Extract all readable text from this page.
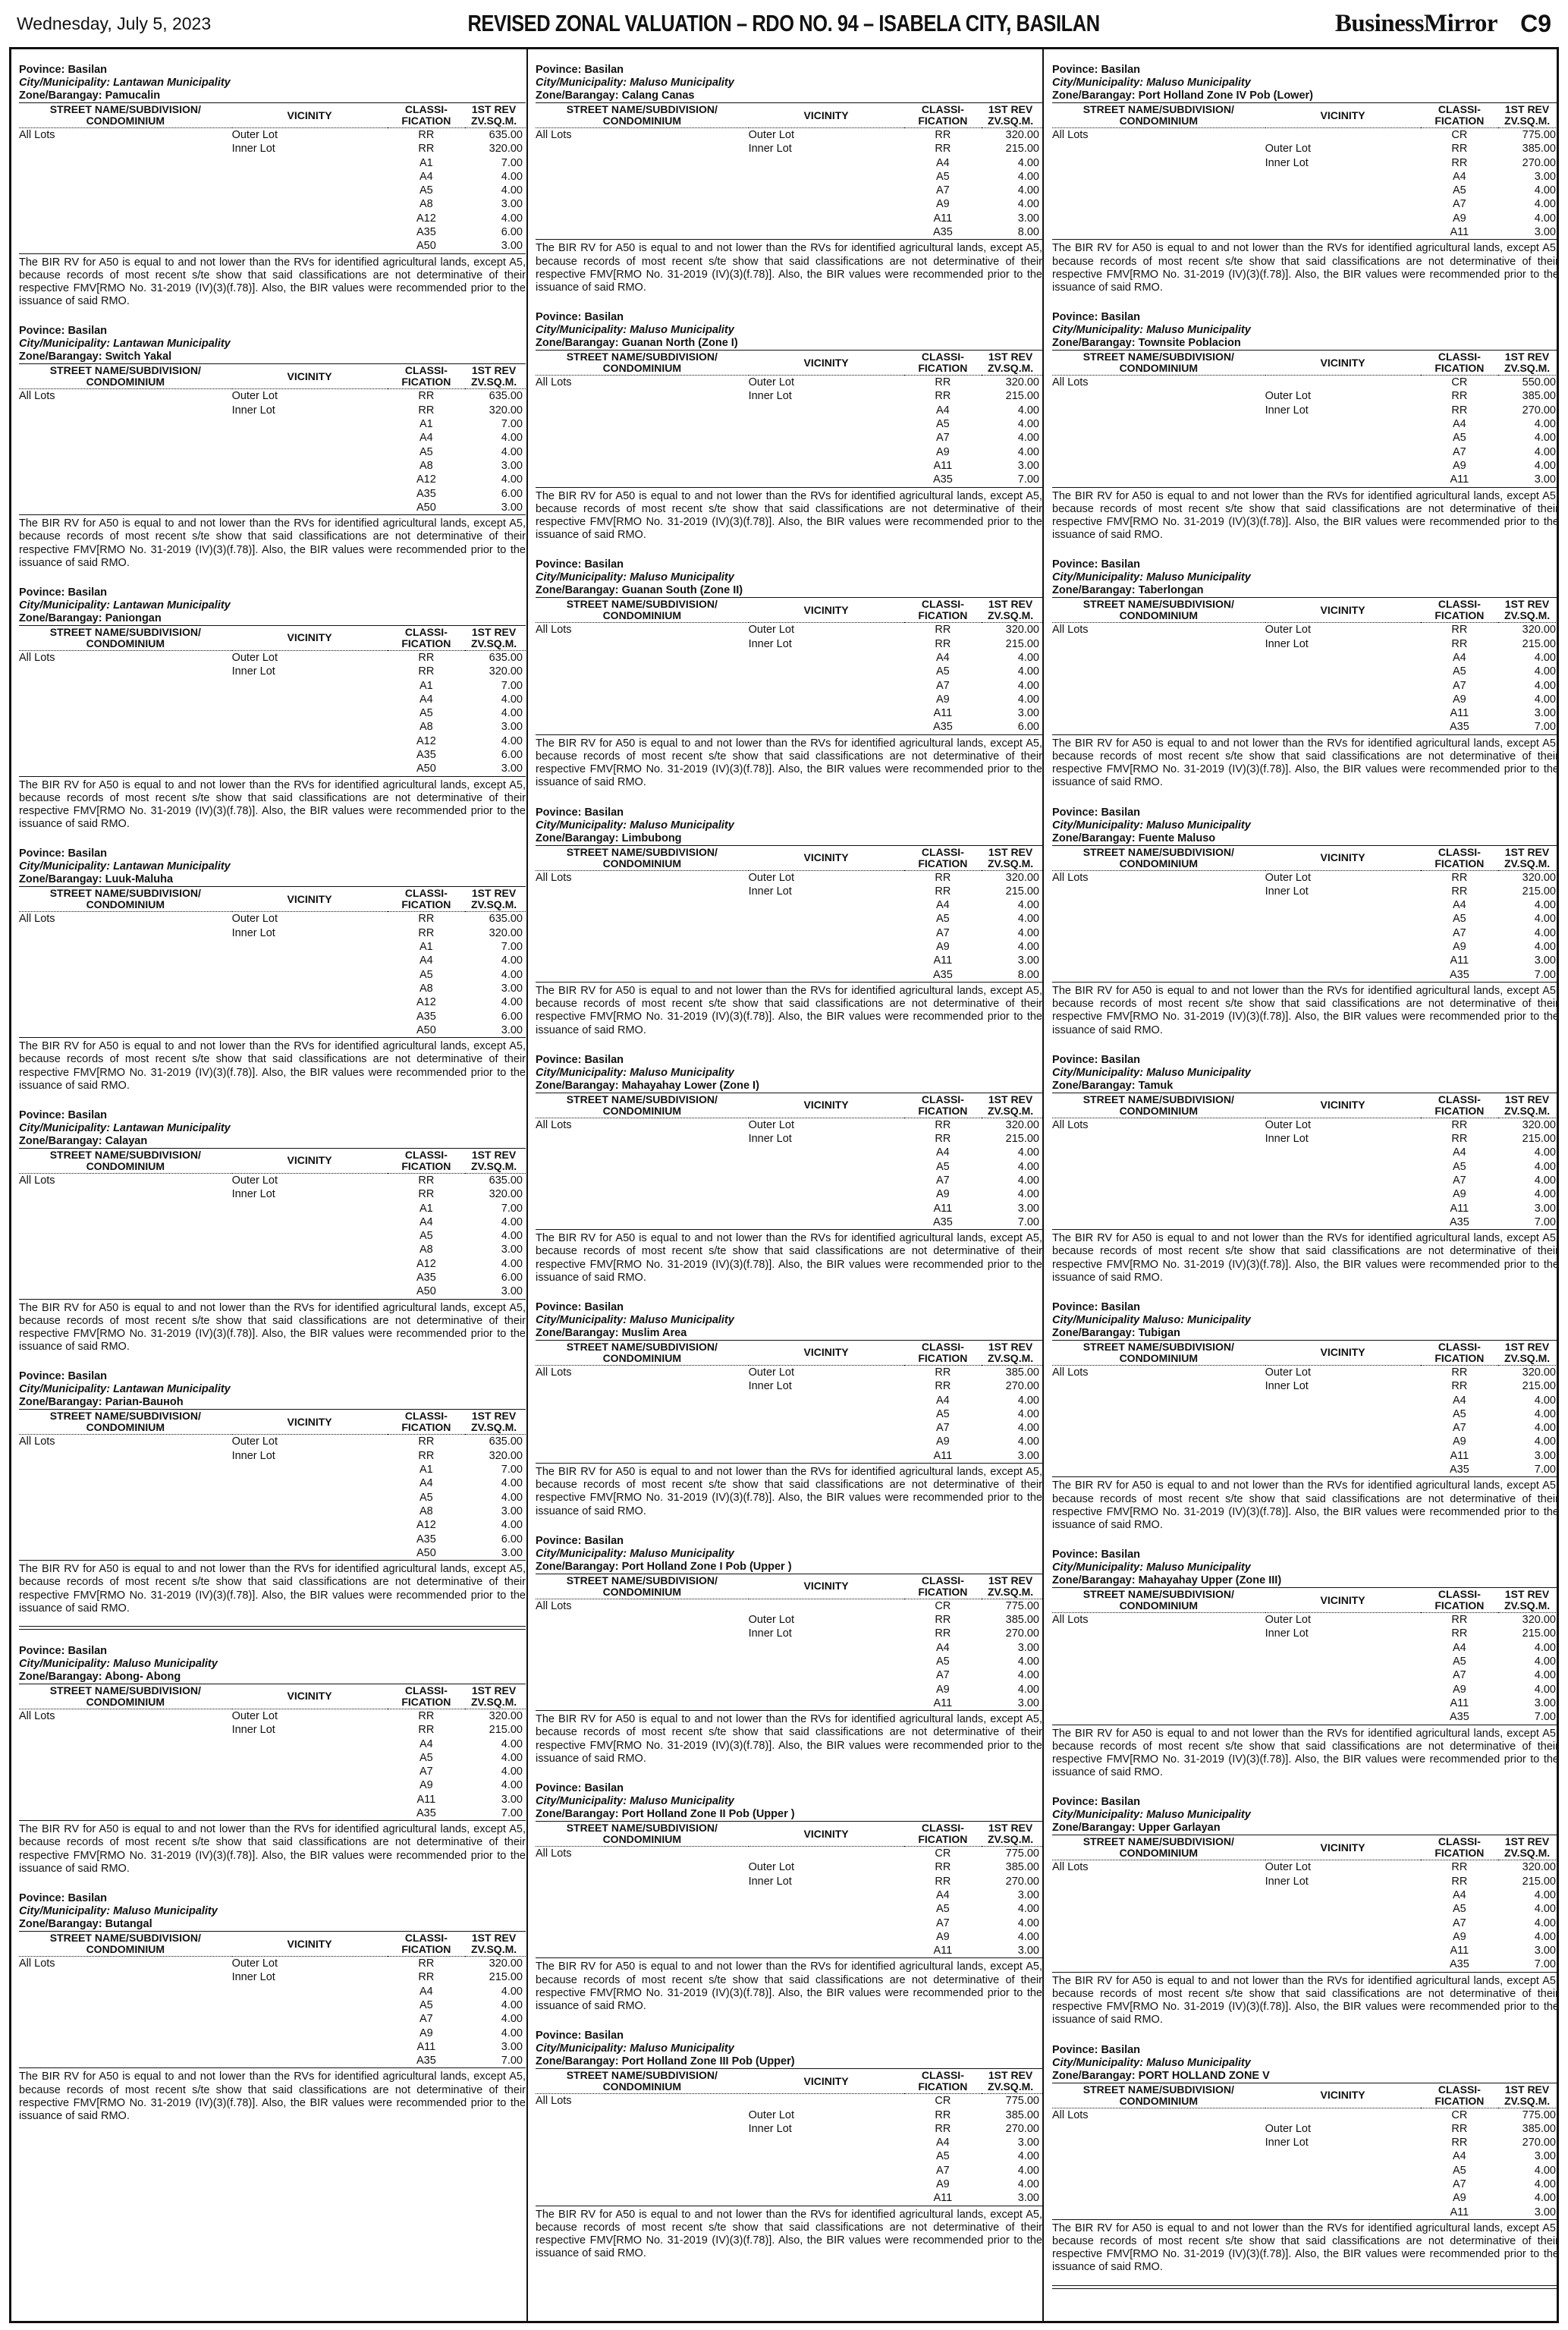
Wednesday, July 5, 2023	REVISED ZONAL VALUATION – RDO NO. 94 – ISABELA CITY, BASILAN	BusinessMirror C9
Povince: Basilan
City/Municipality: Lantawan Municipality
Zone/Barangay: Pamucalin
STREET NAME/SUBDIVISION/ CONDOMINIUM	VICINITY	CLASSI- FICATION	1ST REV ZV.SQ.M.
All Lots	Outer Lot	RR	635.00
	Inner Lot	RR	320.00
		A1	7.00
		A4	4.00
		A5	4.00
		A8	3.00
		A12	4.00
		A35	6.00
		A50	3.00

The BIR RV for A50 is equal to and not lower than the RVs for identified agricultural lands, except A5, because records of most recent s/te show that said classifications are not determinative of their respective FMV[RMO No. 31-2019 (IV)(3)(f.78)]. Also, the BIR values were recommended prior to the issuance of said RMO.

Povince: Basilan
City/Municipality: Lantawan Municipality
Zone/Barangay: Switch Yakal
STREET NAME/SUBDIVISION/ CONDOMINIUM	VICINITY	CLASSI- FICATION	1ST REV ZV.SQ.M.
All Lots	Outer Lot	RR	635.00
	Inner Lot	RR	320.00
		A1	7.00
		A4	4.00
		A5	4.00
		A8	3.00
		A12	4.00
		A35	6.00
		A50	3.00

The BIR RV for A50 is equal to and not lower than the RVs for identified agricultural lands, except A5, because records of most recent s/te show that said classifications are not determinative of their respective FMV[RMO No. 31-2019 (IV)(3)(f.78)]. Also, the BIR values were recommended prior to the issuance of said RMO.

Povince: Basilan
City/Municipality: Lantawan Municipality
Zone/Barangay: Paniongan
STREET NAME/SUBDIVISION/ CONDOMINIUM	VICINITY	CLASSI- FICATION	1ST REV ZV.SQ.M.
All Lots	Outer Lot	RR	635.00
	Inner Lot	RR	320.00
		A1	7.00
		A4	4.00
		A5	4.00
		A8	3.00
		A12	4.00
		A35	6.00
		A50	3.00

The BIR RV for A50 is equal to and not lower than the RVs for identified agricultural lands, except A5, because records of most recent s/te show that said classifications are not determinative of their respective FMV[RMO No. 31-2019 (IV)(3)(f.78)]. Also, the BIR values were recommended prior to the issuance of said RMO.

Povince: Basilan
City/Municipality: Lantawan Municipality
Zone/Barangay: Luuk-Maluha
STREET NAME/SUBDIVISION/ CONDOMINIUM	VICINITY	CLASSI- FICATION	1ST REV ZV.SQ.M.
All Lots	Outer Lot	RR	635.00
	Inner Lot	RR	320.00
		A1	7.00
		A4	4.00
		A5	4.00
		A8	3.00
		A12	4.00
		A35	6.00
		A50	3.00

The BIR RV for A50 is equal to and not lower than the RVs for identified agricultural lands, except A5, because records of most recent s/te show that said classifications are not determinative of their respective FMV[RMO No. 31-2019 (IV)(3)(f.78)]. Also, the BIR values were recommended prior to the issuance of said RMO.

Povince: Basilan
City/Municipality: Lantawan Municipality
Zone/Barangay: Calayan
STREET NAME/SUBDIVISION/ CONDOMINIUM	VICINITY	CLASSI- FICATION	1ST REV ZV.SQ.M.
All Lots	Outer Lot	RR	635.00
	Inner Lot	RR	320.00
		A1	7.00
		A4	4.00
		A5	4.00
		A8	3.00
		A12	4.00
		A35	6.00
		A50	3.00

The BIR RV for A50 is equal to and not lower than the RVs for identified agricultural lands, except A5, because records of most recent s/te show that said classifications are not determinative of their respective FMV[RMO No. 31-2019 (IV)(3)(f.78)]. Also, the BIR values were recommended prior to the issuance of said RMO.

Povince: Basilan
City/Municipality: Lantawan Municipality
Zone/Barangay: Parian-Bauноh
STREET NAME/SUBDIVISION/ CONDOMINIUM	VICINITY	CLASSI- FICATION	1ST REV ZV.SQ.M.
All Lots	Outer Lot	RR	635.00
	Inner Lot	RR	320.00
		A1	7.00
		A4	4.00
		A5	4.00
		A8	3.00
		A12	4.00
		A35	6.00
		A50	3.00

The BIR RV for A50 is equal to and not lower than the RVs for identified agricultural lands, except A5, because records of most recent s/te show that said classifications are not determinative of their respective FMV[RMO No. 31-2019 (IV)(3)(f.78)]. Also, the BIR values were recommended prior to the issuance of said RMO.

Povince: Basilan
City/Municipality: Maluso Municipality
Zone/Barangay: Abong- Abong
STREET NAME/SUBDIVISION/ CONDOMINIUM	VICINITY	CLASSI- FICATION	1ST REV ZV.SQ.M.
All Lots	Outer Lot	RR	320.00
	Inner Lot	RR	215.00
		A4	4.00
		A5	4.00
		A7	4.00
		A9	4.00
		A11	3.00
		A35	7.00

The BIR RV for A50 is equal to and not lower than the RVs for identified agricultural lands, except A5, because records of most recent s/te show that said classifications are not determinative of their respective FMV[RMO No. 31-2019 (IV)(3)(f.78)]. Also, the BIR values were recommended prior to the issuance of said RMO.

Povince: Basilan
City/Municipality: Maluso Municipality
Zone/Barangay: Butangal
STREET NAME/SUBDIVISION/ CONDOMINIUM	VICINITY	CLASSI- FICATION	1ST REV ZV.SQ.M.
All Lots	Outer Lot	RR	320.00
	Inner Lot	RR	215.00
		A4	4.00
		A5	4.00
		A7	4.00
		A9	4.00
		A11	3.00
		A35	7.00

The BIR RV for A50 is equal to and not lower than the RVs for identified agricultural lands, except A5, because records of most recent s/te show that said classifications are not determinative of their respective FMV[RMO No. 31-2019 (IV)(3)(f.78)]. Also, the BIR values were recommended prior to the issuance of said RMO.

Povince: Basilan
City/Municipality: Maluso Municipality
Zone/Barangay: Calang Canas
STREET NAME/SUBDIVISION/ CONDOMINIUM	VICINITY	CLASSI- FICATION	1ST REV ZV.SQ.M.
All Lots	Outer Lot	RR	320.00
	Inner Lot	RR	215.00
		A4	4.00
		A5	4.00
		A7	4.00
		A9	4.00
		A11	3.00
		A35	8.00

The BIR RV for A50 is equal to and not lower than the RVs for identified agricultural lands, except A5, because records of most recent s/te show that said classifications are not determinative of their respective FMV[RMO No. 31-2019 (IV)(3)(f.78)]. Also, the BIR values were recommended prior to the issuance of said RMO.

Povince: Basilan
City/Municipality: Maluso Municipality
Zone/Barangay: Guanan North (Zone I)
STREET NAME/SUBDIVISION/ CONDOMINIUM	VICINITY	CLASSI- FICATION	1ST REV ZV.SQ.M.
All Lots	Outer Lot	RR	320.00
	Inner Lot	RR	215.00
		A4	4.00
		A5	4.00
		A7	4.00
		A9	4.00
		A11	3.00
		A35	7.00

The BIR RV for A50 is equal to and not lower than the RVs for identified agricultural lands, except A5, because records of most recent s/te show that said classifications are not determinative of their respective FMV[RMO No. 31-2019 (IV)(3)(f.78)]. Also, the BIR values were recommended prior to the issuance of said RMO.

Povince: Basilan
City/Municipality: Maluso Municipality
Zone/Barangay: Guanan South (Zone II)
STREET NAME/SUBDIVISION/ CONDOMINIUM	VICINITY	CLASSI- FICATION	1ST REV ZV.SQ.M.
All Lots	Outer Lot	RR	320.00
	Inner Lot	RR	215.00
		A4	4.00
		A5	4.00
		A7	4.00
		A9	4.00
		A11	3.00
		A35	6.00

The BIR RV for A50 is equal to and not lower than the RVs for identified agricultural lands, except A5, because records of most recent s/te show that said classifications are not determinative of their respective FMV[RMO No. 31-2019 (IV)(3)(f.78)]. Also, the BIR values were recommended prior to the issuance of said RMO.

Povince: Basilan
City/Municipality: Maluso Municipality
Zone/Barangay: Limbubong
STREET NAME/SUBDIVISION/ CONDOMINIUM	VICINITY	CLASSI- FICATION	1ST REV ZV.SQ.M.
All Lots	Outer Lot	RR	320.00
	Inner Lot	RR	215.00
		A4	4.00
		A5	4.00
		A7	4.00
		A9	4.00
		A11	3.00
		A35	8.00

The BIR RV for A50 is equal to and not lower than the RVs for identified agricultural lands, except A5, because records of most recent s/te show that said classifications are not determinative of their respective FMV[RMO No. 31-2019 (IV)(3)(f.78)]. Also, the BIR values were recommended prior to the issuance of said RMO.

Povince: Basilan
City/Municipality: Maluso Municipality
Zone/Barangay: Mahayahay Lower (Zone I)
STREET NAME/SUBDIVISION/ CONDOMINIUM	VICINITY	CLASSI- FICATION	1ST REV ZV.SQ.M.
All Lots	Outer Lot	RR	320.00
	Inner Lot	RR	215.00
		A4	4.00
		A5	4.00
		A7	4.00
		A9	4.00
		A11	3.00
		A35	7.00

The BIR RV for A50 is equal to and not lower than the RVs for identified agricultural lands, except A5, because records of most recent s/te show that said classifications are not determinative of their respective FMV[RMO No. 31-2019 (IV)(3)(f.78)]. Also, the BIR values were recommended prior to the issuance of said RMO.

Povince: Basilan
City/Municipality: Maluso Municipality
Zone/Barangay: Muslim Area
STREET NAME/SUBDIVISION/ CONDOMINIUM	VICINITY	CLASSI- FICATION	1ST REV ZV.SQ.M.
All Lots	Outer Lot	RR	385.00
	Inner Lot	RR	270.00
		A4	4.00
		A5	4.00
		A7	4.00
		A9	4.00
		A11	3.00

The BIR RV for A50 is equal to and not lower than the RVs for identified agricultural lands, except A5, because records of most recent s/te show that said classifications are not determinative of their respective FMV[RMO No. 31-2019 (IV)(3)(f.78)]. Also, the BIR values were recommended prior to the issuance of said RMO.

Povince: Basilan
City/Municipality: Maluso Municipality
Zone/Barangay: Port Holland Zone I Pob (Upper )
STREET NAME/SUBDIVISION/ CONDOMINIUM	VICINITY	CLASSI- FICATION	1ST REV ZV.SQ.M.
All Lots		CR	775.00
	Outer Lot	RR	385.00
	Inner Lot	RR	270.00
		A4	3.00
		A5	4.00
		A7	4.00
		A9	4.00
		A11	3.00

The BIR RV for A50 is equal to and not lower than the RVs for identified agricultural lands, except A5, because records of most recent s/te show that said classifications are not determinative of their respective FMV[RMO No. 31-2019 (IV)(3)(f.78)]. Also, the BIR values were recommended prior to the issuance of said RMO.

Povince: Basilan
City/Municipality: Maluso Municipality
Zone/Barangay: Port Holland Zone II Pob (Upper )
STREET NAME/SUBDIVISION/ CONDOMINIUM	VICINITY	CLASSI- FICATION	1ST REV ZV.SQ.M.
All Lots		CR	775.00
	Outer Lot	RR	385.00
	Inner Lot	RR	270.00
		A4	3.00
		A5	4.00
		A7	4.00
		A9	4.00
		A11	3.00

The BIR RV for A50 is equal to and not lower than the RVs for identified agricultural lands, except A5, because records of most recent s/te show that said classifications are not determinative of their respective FMV[RMO No. 31-2019 (IV)(3)(f.78)]. Also, the BIR values were recommended prior to the issuance of said RMO.

Povince: Basilan
City/Municipality: Maluso Municipality
Zone/Barangay: Port Holland Zone III Pob (Upper)
STREET NAME/SUBDIVISION/ CONDOMINIUM	VICINITY	CLASSI- FICATION	1ST REV ZV.SQ.M.
All Lots		CR	775.00
	Outer Lot	RR	385.00
	Inner Lot	RR	270.00
		A4	3.00
		A5	4.00
		A7	4.00
		A9	4.00
		A11	3.00

The BIR RV for A50 is equal to and not lower than the RVs for identified agricultural lands, except A5, because records of most recent s/te show that said classifications are not determinative of their respective FMV[RMO No. 31-2019 (IV)(3)(f.78)]. Also, the BIR values were recommended prior to the issuance of said RMO.

Povince: Basilan
City/Municipality: Maluso Municipality
Zone/Barangay: Port Holland Zone IV Pob (Lower)
STREET NAME/SUBDIVISION/ CONDOMINIUM	VICINITY	CLASSI- FICATION	1ST REV ZV.SQ.M.
All Lots		CR	775.00
	Outer Lot	RR	385.00
	Inner Lot	RR	270.00
		A4	3.00
		A5	4.00
		A7	4.00
		A9	4.00
		A11	3.00

The BIR RV for A50 is equal to and not lower than the RVs for identified agricultural lands, except A5, because records of most recent s/te show that said classifications are not determinative of their respective FMV[RMO No. 31-2019 (IV)(3)(f.78)]. Also, the BIR values were recommended prior to the issuance of said RMO.

Povince: Basilan
City/Municipality: Maluso Municipality
Zone/Barangay: Townsite Poblacion
STREET NAME/SUBDIVISION/ CONDOMINIUM	VICINITY	CLASSI- FICATION	1ST REV ZV.SQ.M.
All Lots		CR	550.00
	Outer Lot	RR	385.00
	Inner Lot	RR	270.00
		A4	4.00
		A5	4.00
		A7	4.00
		A9	4.00
		A11	3.00

The BIR RV for A50 is equal to and not lower than the RVs for identified agricultural lands, except A5, because records of most recent s/te show that said classifications are not determinative of their respective FMV[RMO No. 31-2019 (IV)(3)(f.78)]. Also, the BIR values were recommended prior to the issuance of said RMO.

Povince: Basilan
City/Municipality: Maluso Municipality
Zone/Barangay: Taberlongan
STREET NAME/SUBDIVISION/ CONDOMINIUM	VICINITY	CLASSI- FICATION	1ST REV ZV.SQ.M.
All Lots	Outer Lot	RR	320.00
	Inner Lot	RR	215.00
		A4	4.00
		A5	4.00
		A7	4.00
		A9	4.00
		A11	3.00
		A35	7.00

The BIR RV for A50 is equal to and not lower than the RVs for identified agricultural lands, except A5, because records of most recent s/te show that said classifications are not determinative of their respective FMV[RMO No. 31-2019 (IV)(3)(f.78)]. Also, the BIR values were recommended prior to the issuance of said RMO.

Povince: Basilan
City/Municipality: Maluso Municipality
Zone/Barangay: Fuente Maluso
STREET NAME/SUBDIVISION/ CONDOMINIUM	VICINITY	CLASSI- FICATION	1ST REV ZV.SQ.M.
All Lots	Outer Lot	RR	320.00
	Inner Lot	RR	215.00
		A4	4.00
		A5	4.00
		A7	4.00
		A9	4.00
		A11	3.00
		A35	7.00

The BIR RV for A50 is equal to and not lower than the RVs for identified agricultural lands, except A5, because records of most recent s/te show that said classifications are not determinative of their respective FMV[RMO No. 31-2019 (IV)(3)(f.78)]. Also, the BIR values were recommended prior to the issuance of said RMO.

Povince: Basilan
City/Municipality: Maluso Municipality
Zone/Barangay: Tamuk
STREET NAME/SUBDIVISION/ CONDOMINIUM	VICINITY	CLASSI- FICATION	1ST REV ZV.SQ.M.
All Lots	Outer Lot	RR	320.00
	Inner Lot	RR	215.00
		A4	4.00
		A5	4.00
		A7	4.00
		A9	4.00
		A11	3.00
		A35	7.00

The BIR RV for A50 is equal to and not lower than the RVs for identified agricultural lands, except A5, because records of most recent s/te show that said classifications are not determinative of their respective FMV[RMO No. 31-2019 (IV)(3)(f.78)]. Also, the BIR values were recommended prior to the issuance of said RMO.

Povince: Basilan
City/Municipality Maluso: Municipality
Zone/Barangay: Tubigan
STREET NAME/SUBDIVISION/ CONDOMINIUM	VICINITY	CLASSI- FICATION	1ST REV ZV.SQ.M.
All Lots	Outer Lot	RR	320.00
	Inner Lot	RR	215.00
		A4	4.00
		A5	4.00
		A7	4.00
		A9	4.00
		A11	3.00
		A35	7.00

The BIR RV for A50 is equal to and not lower than the RVs for identified agricultural lands, except A5, because records of most recent s/te show that said classifications are not determinative of their respective FMV[RMO No. 31-2019 (IV)(3)(f.78)]. Also, the BIR values were recommended prior to the issuance of said RMO.

Povince: Basilan
City/Municipality: Maluso Municipality
Zone/Barangay: Mahayahay Upper (Zone III)
STREET NAME/SUBDIVISION/ CONDOMINIUM	VICINITY	CLASSI- FICATION	1ST REV ZV.SQ.M.
All Lots	Outer Lot	RR	320.00
	Inner Lot	RR	215.00
		A4	4.00
		A5	4.00
		A7	4.00
		A9	4.00
		A11	3.00
		A35	7.00

The BIR RV for A50 is equal to and not lower than the RVs for identified agricultural lands, except A5, because records of most recent s/te show that said classifications are not determinative of their respective FMV[RMO No. 31-2019 (IV)(3)(f.78)]. Also, the BIR values were recommended prior to the issuance of said RMO.

Povince: Basilan
City/Municipality: Maluso Municipality
Zone/Barangay: Upper Garlayan
STREET NAME/SUBDIVISION/ CONDOMINIUM	VICINITY	CLASSI- FICATION	1ST REV ZV.SQ.M.
All Lots	Outer Lot	RR	320.00
	Inner Lot	RR	215.00
		A4	4.00
		A5	4.00
		A7	4.00
		A9	4.00
		A11	3.00
		A35	7.00

The BIR RV for A50 is equal to and not lower than the RVs for identified agricultural lands, except A5, because records of most recent s/te show that said classifications are not determinative of their respective FMV[RMO No. 31-2019 (IV)(3)(f.78)]. Also, the BIR values were recommended prior to the issuance of said RMO.

Povince: Basilan
City/Municipality: Maluso Municipality
Zone/Barangay: PORT HOLLAND ZONE V
STREET NAME/SUBDIVISION/ CONDOMINIUM	VICINITY	CLASSI- FICATION	1ST REV ZV.SQ.M.
All Lots		CR	775.00
	Outer Lot	RR	385.00
	Inner Lot	RR	270.00
		A4	3.00
		A5	4.00
		A7	4.00
		A9	4.00
		A11	3.00

The BIR RV for A50 is equal to and not lower than the RVs for identified agricultural lands, except A5, because records of most recent s/te show that said classifications are not determinative of their respective FMV[RMO No. 31-2019 (IV)(3)(f.78)]. Also, the BIR values were recommended prior to the issuance of said RMO.
